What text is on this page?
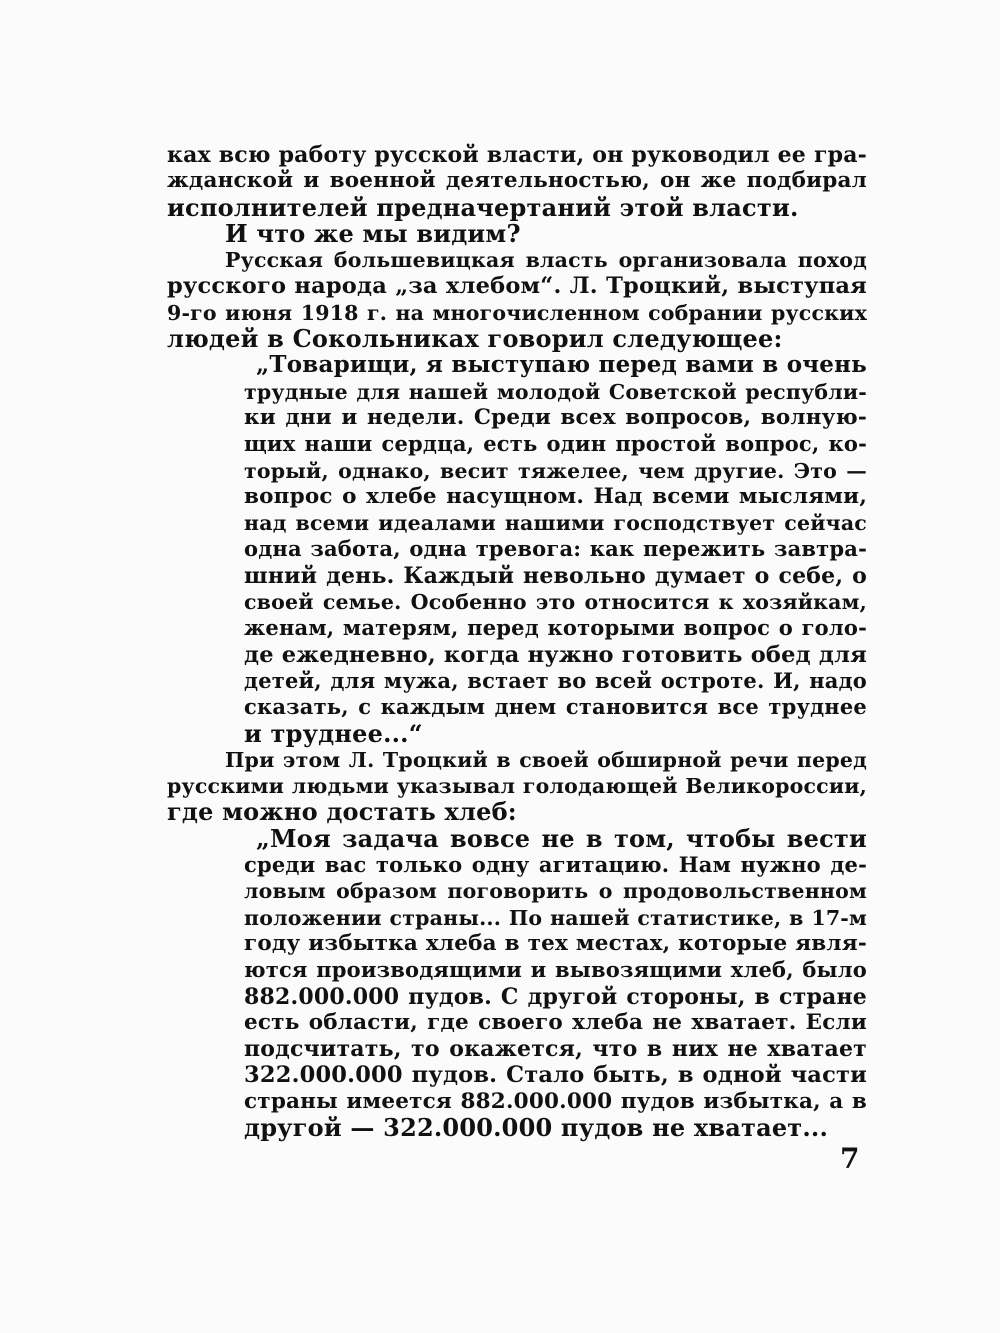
ках всю работу русской власти, он руководил ее гра-
жданской и военной деятельностью, он же подбирал
исполнителей предначертаний этой власти.
И что же мы видим?
Русская большевицкая власть организовала поход
русского народа „за хлебом“. Л. Троцкий, выступая
9-го июня 1918 г. на многочисленном собрании русских
людей в Сокольниках говорил следующее:
„Товарищи, я выступаю перед вами в очень
трудные для нашей молодой Советской республи-
ки дни и недели. Среди всех вопросов, волную-
щих наши сердца, есть один простой вопрос, ко-
торый, однако, весит тяжелее, чем другие. Это —
вопрос о хлебе насущном. Над всеми мыслями,
над всеми идеалами нашими господствует сейчас
одна забота, одна тревога: как пережить завтра-
шний день. Каждый невольно думает о себе, о
своей семье. Особенно это относится к хозяйкам,
женам, матерям, перед которыми вопрос о голо-
де ежедневно, когда нужно готовить обед для
детей, для мужа, встает во всей остроте. И, надо
сказать, с каждым днем становится все труднее
и труднее...“
При этом Л. Троцкий в своей обширной речи перед
русскими людьми указывал голодающей Великороссии,
где можно достать хлеб:
„Моя задача вовсе не в том, чтобы вести
среди вас только одну агитацию. Нам нужно де-
ловым образом поговорить о продовольственном
положении страны... По нашей статистике, в 17-м
году избытка хлеба в тех местах, которые явля-
ются производящими и вывозящими хлеб, было
882.000.000 пудов. С другой стороны, в стране
есть области, где своего хлеба не хватает. Если
подсчитать, то окажется, что в них не хватает
322.000.000 пудов. Стало быть, в одной части
страны имеется 882.000.000 пудов избытка, а в
другой — 322.000.000 пудов не хватает...
7
